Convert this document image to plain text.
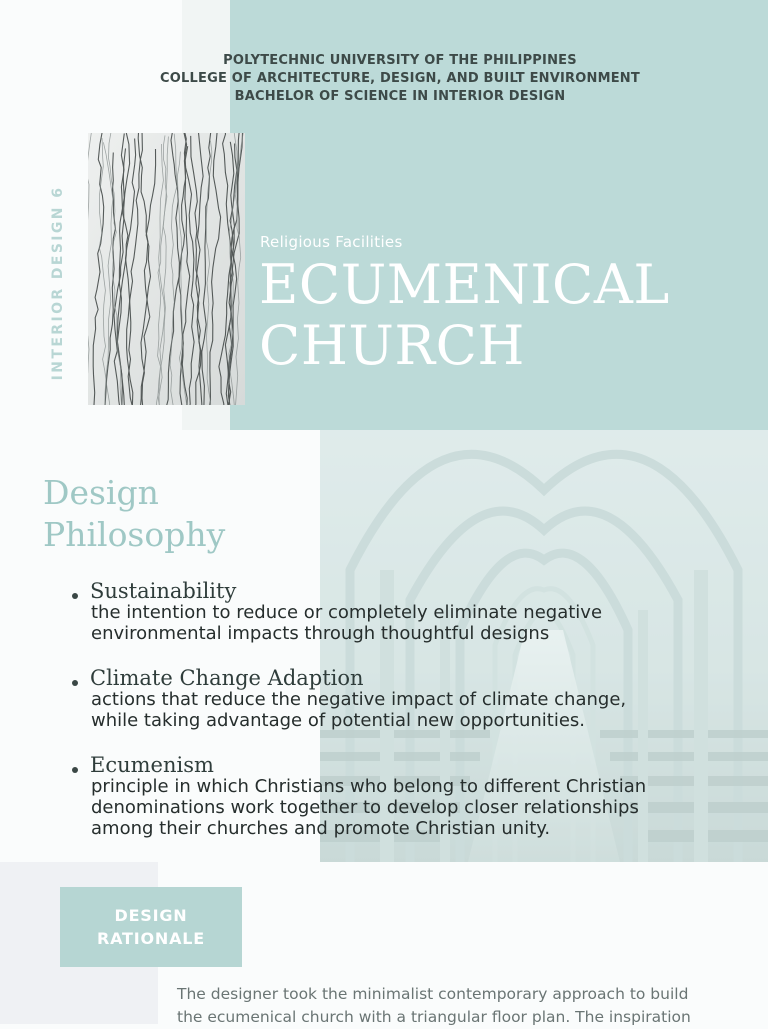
POLYTECHNIC UNIVERSITY OF THE PHILIPPINES
COLLEGE OF ARCHITECTURE, DESIGN, AND BUILT ENVIRONMENT
BACHELOR OF SCIENCE IN INTERIOR DESIGN
INTERIOR DESIGN 6	Religious Facilities
ECUMENICAL
CHURCH
Design
Philosophy
Sustainability
the intention to reduce or completely eliminate negative
environmental impacts through thoughtful designs
Climate Change Adaption
actions that reduce the negative impact of climate change,
while taking advantage of potential new opportunities.
Ecumenism
principle in which Christians who belong to different Christian
denominations work together to develop closer relationships
among their churches and promote Christian unity.
DESIGN
RATIONALE
The designer took the minimalist contemporary approach to build
the ecumenical church with a triangular floor plan. The inspiration
